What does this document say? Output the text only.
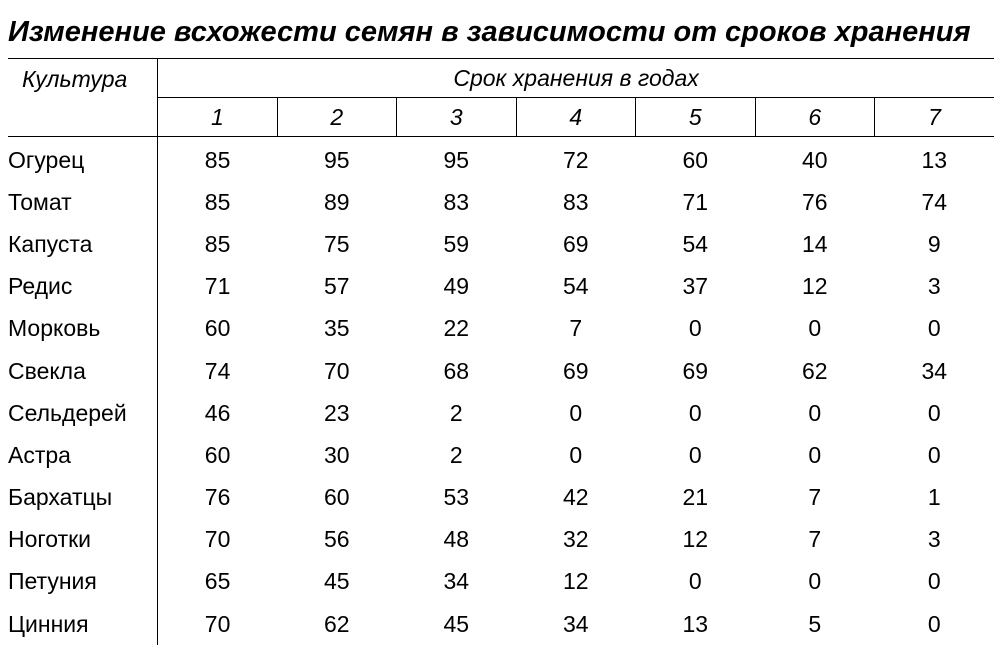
Изменение всхожести семян в зависимости от сроков хранения
Культура	Срок хранения в годах						
	1	2	3	4	5	6	7
Огурец	85	95	95	72	60	40	13
Томат	85	89	83	83	71	76	74
Капуста	85	75	59	69	54	14	9
Редис	71	57	49	54	37	12	3
Морковь	60	35	22	7	0	0	0
Свекла	74	70	68	69	69	62	34
Сельдерей	46	23	2	0	0	0	0
Астра	60	30	2	0	0	0	0
Бархатцы	76	60	53	42	21	7	1
Ноготки	70	56	48	32	12	7	3
Петуния	65	45	34	12	0	0	0
Цинния	70	62	45	34	13	5	0
